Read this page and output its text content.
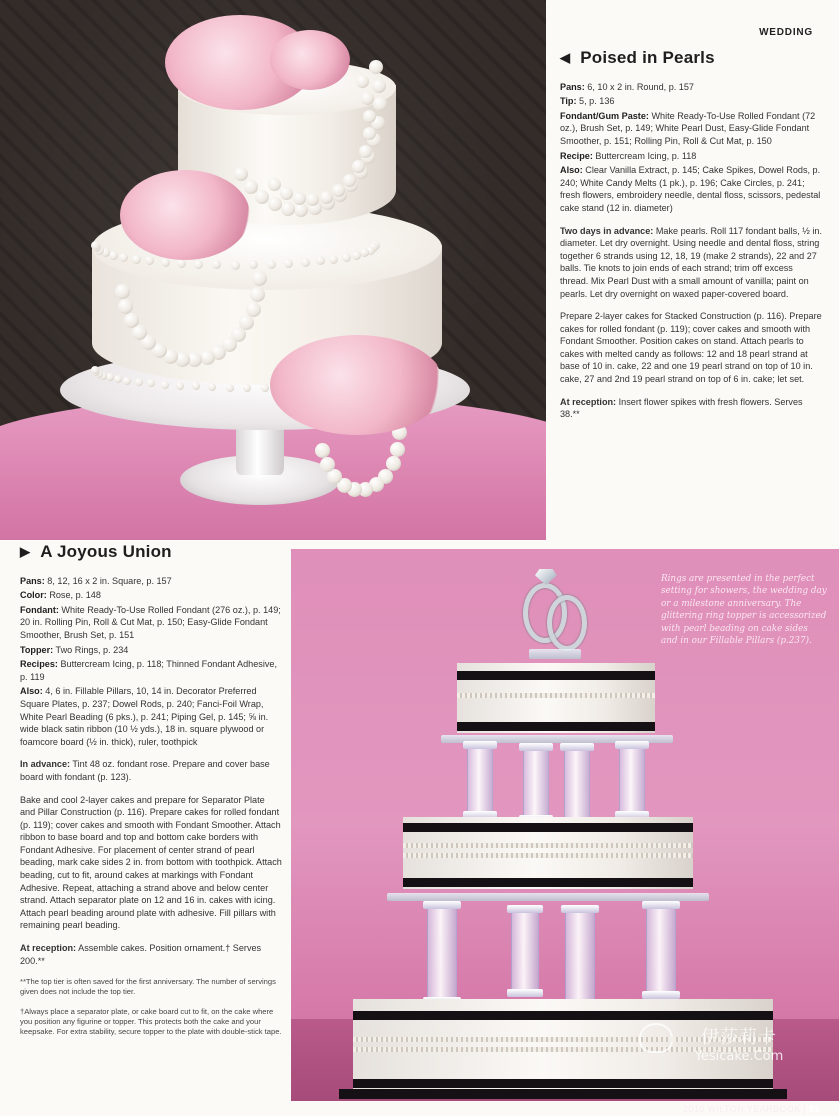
WEDDING
◀ Poised in Pearls
Pans: 6, 10 x 2 in. Round, p. 157
Tip: 5, p. 136
Fondant/Gum Paste: White Ready-To-Use Rolled Fondant (72 oz.), Brush Set, p. 149; White Pearl Dust, Easy-Glide Fondant Smoother, p. 151; Rolling Pin, Roll & Cut Mat, p. 150
Recipe: Buttercream Icing, p. 118
Also: Clear Vanilla Extract, p. 145; Cake Spikes, Dowel Rods, p. 240; White Candy Melts (1 pk.), p. 196; Cake Circles, p. 241; fresh flowers, embroidery needle, dental floss, scissors, pedestal cake stand (12 in. diameter)
Two days in advance: Make pearls. Roll 117 fondant balls, ½ in. diameter. Let dry overnight. Using needle and dental floss, string together 6 strands using 12, 18, 19 (make 2 strands), 22 and 27 balls. Tie knots to join ends of each strand; trim off excess thread. Mix Pearl Dust with a small amount of vanilla; paint on pearls. Let dry overnight on waxed paper-covered board.
Prepare 2-layer cakes for Stacked Construction (p. 116). Prepare cakes for rolled fondant (p. 119); cover cakes and smooth with Fondant Smoother. Position cakes on stand. Attach pearls to cakes with melted candy as follows: 12 and 18 pearl strand at base of 10 in. cake, 22 and one 19 pearl strand on top of 10 in. cake, 27 and 2nd 19 pearl strand on top of 6 in. cake; let set.
At reception: Insert flower spikes with fresh flowers. Serves 38.**
▶ A Joyous Union
Pans: 8, 12, 16 x 2 in. Square, p. 157
Color: Rose, p. 148
Fondant: White Ready-To-Use Rolled Fondant (276 oz.), p. 149; 20 in. Rolling Pin, Roll & Cut Mat, p. 150; Easy-Glide Fondant Smoother, Brush Set, p. 151
Topper: Two Rings, p. 234
Recipes: Buttercream Icing, p. 118; Thinned Fondant Adhesive, p. 119
Also: 4, 6 in. Fillable Pillars, 10, 14 in. Decorator Preferred Square Plates, p. 237; Dowel Rods, p. 240; Fanci-Foil Wrap, White Pearl Beading (6 pks.), p. 241; Piping Gel, p. 145; ⅝ in. wide black satin ribbon (10 ½ yds.), 18 in. square plywood or foamcore board (½ in. thick), ruler, toothpick
In advance: Tint 48 oz. fondant rose. Prepare and cover base board with fondant (p. 123).
Bake and cool 2-layer cakes and prepare for Separator Plate and Pillar Construction (p. 116). Prepare cakes for rolled fondant (p. 119); cover cakes and smooth with Fondant Smoother. Attach ribbon to base board and top and bottom cake borders with Fondant Adhesive. For placement of center strand of pearl beading, mark cake sides 2 in. from bottom with toothpick. Attach beading, cut to fit, around cakes at markings with Fondant Adhesive. Repeat, attaching a strand above and below center strand. Attach separator plate on 12 and 16 in. cakes with icing. Attach pearl beading around plate with adhesive. Fill pillars with remaining pearl beading.
At reception: Assemble cakes. Position ornament.† Serves 200.**
**The top tier is often saved for the first anniversary. The number of servings given does not include the top tier.
†Always place a separator plate, or cake board cut to fit, on the cake where you position any figurine or topper. This protects both the cake and your keepsake. For extra stability, secure topper to the plate with double-stick tape.
Rings are presented in the perfect setting for showers, the wedding day or a milestone anniversary. The glittering ring topper is accessorized with pearl beading on cake sides and in our Fillable Pillars (p.237).
伊莎莉卡
Yesicake.Com
2010 WILTON YEARBOOK | 89
